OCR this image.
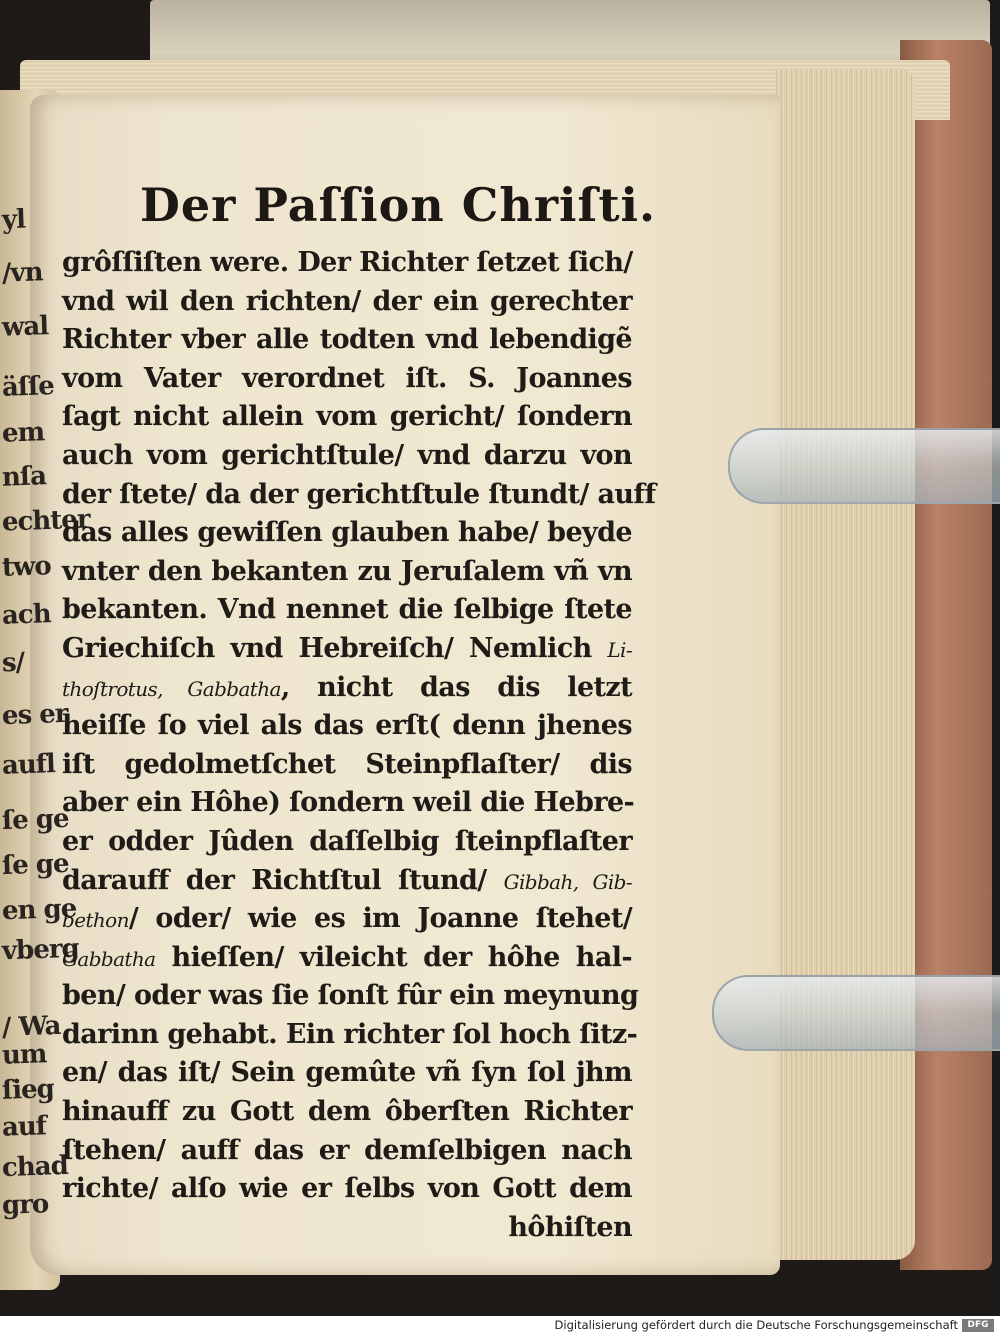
yl
/vn
wal
äſſe
em
nſa
echter
two
ach
s/
es er
aufl
ſe ge
ſe ge
en ge
vberg
/ Wa
um
ſieg
auf
chad
gro
Der Paſſion Chriſti.
grôſſiſten were. Der Richter ſetzet ſich/
vnd wil den richten/ der ein gerechter
Richter vber alle todten vnd lebendigẽ
vom Vater verordnet iſt. S. Joannes
ſagt nicht allein vom gericht/ ſondern
auch vom gerichtſtule/ vnd darzu von
der ſtete/ da der gerichtſtule ſtundt/ auff
das alles gewiſſen glauben habe/ beyde
vnter den bekanten zu Jeruſalem vñ vn
bekanten. Vnd nennet die ſelbige ſtete
Griechiſch vnd Hebreiſch/ Nemlich Li-
thoſtrotus, Gabbatha, nicht das dis letzt
heiſſe ſo viel als das erſt( denn jhenes
iſt gedolmetſchet Steinpflaſter/ dis
aber ein Hôhe) ſondern weil die Hebre-
er odder Jûden daſſelbig ſteinpflaſter
darauff der Richtſtul ſtund/ Gibbah, Gib-
bethon/ oder/ wie es im Joanne ſtehet/
Gabbatha hieſſen/ vileicht der hôhe hal-
ben/ oder was ſie ſonſt fûr ein meynung
darinn gehabt. Ein richter ſol hoch ſitz-
en/ das iſt/ Sein gemûte vñ ſyn ſol jhm
hinauff zu Gott dem ôberſten Richter
ſtehen/ auff das er demſelbigen nach
richte/ alſo wie er ſelbs von Gott dem
hôhiſten
Digitalisierung gefördert durch die Deutsche Forschungsgemeinschaft	DFG
